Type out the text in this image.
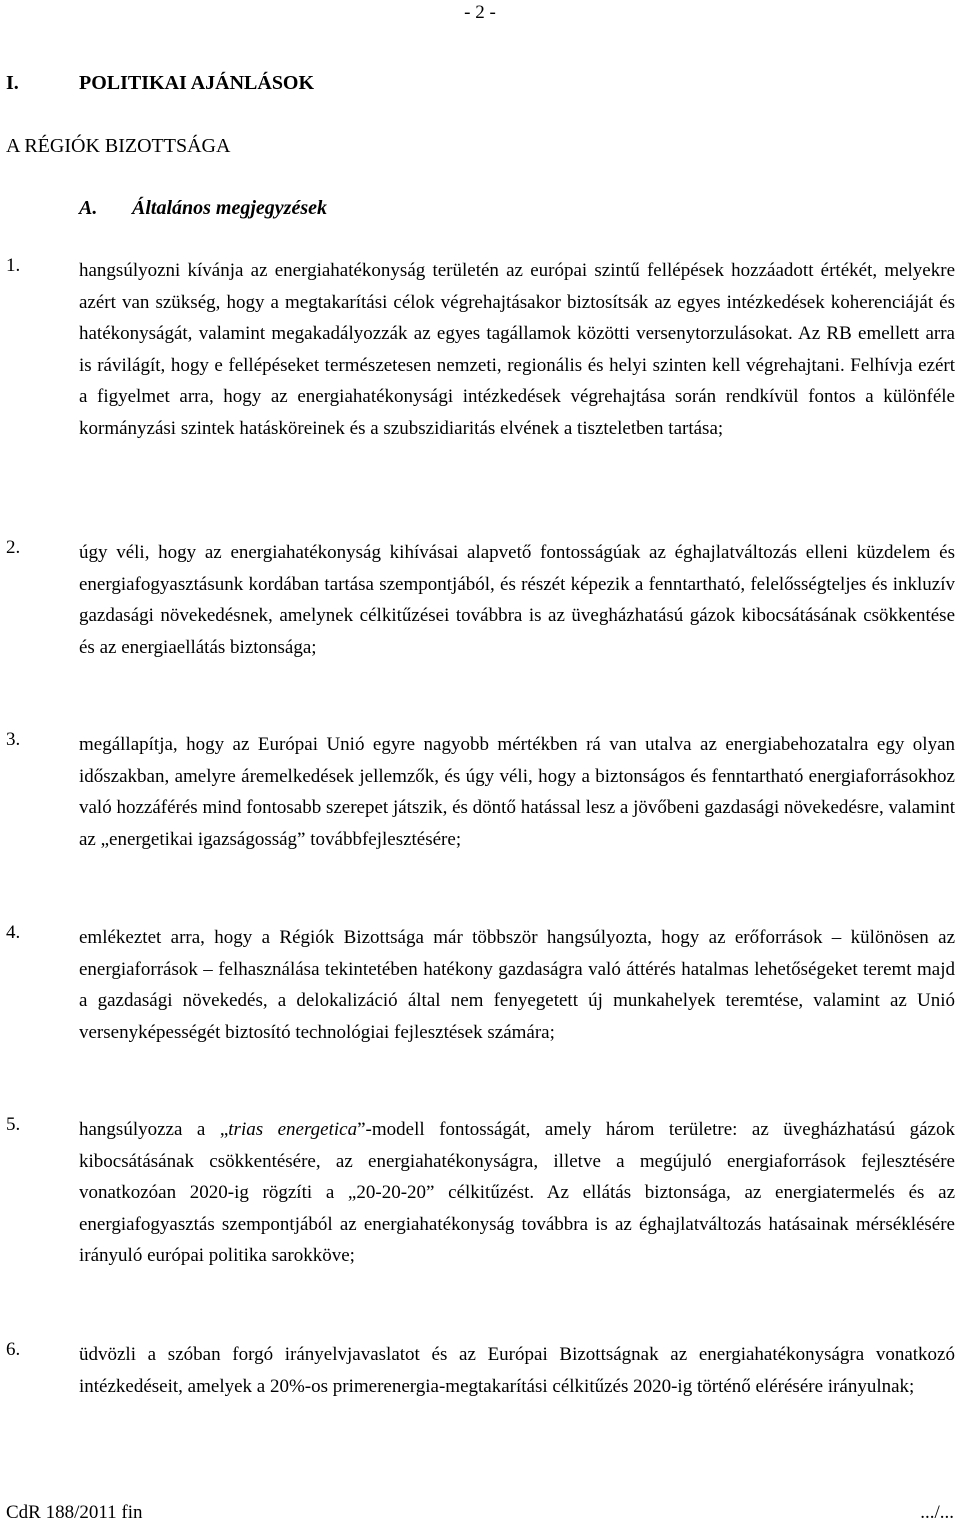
- 2 -
I.	POLITIKAI AJÁNLÁSOK
A RÉGIÓK BIZOTTSÁGA
A. Általános megjegyzések
1.	hangsúlyozni kívánja az energiahatékonyság területén az európai szintű fellépések hozzáadott értékét, melyekre azért van szükség, hogy a megtakarítási célok végrehajtásakor biztosítsák az egyes intézkedések koherenciáját és hatékonyságát, valamint megakadályozzák az egyes tagállamok közötti versenytorzulásokat. Az RB emellett arra is rávilágít, hogy e fellépéseket természetesen nemzeti, regionális és helyi szinten kell végrehajtani. Felhívja ezért a figyelmet arra, hogy az energiahatékonysági intézkedések végrehajtása során rendkívül fontos a különféle kormányzási szintek hatásköreinek és a szubszidiaritás elvének a tiszteletben tartása;
2.	úgy véli, hogy az energiahatékonyság kihívásai alapvető fontosságúak az éghajlatváltozás elleni küzdelem és energiafogyasztásunk kordában tartása szempontjából, és részét képezik a fenntartható, felelősségteljes és inkluzív gazdasági növekedésnek, amelynek célkitűzései továbbra is az üvegházhatású gázok kibocsátásának csökkentése és az energiaellátás biztonsága;
3.	megállapítja, hogy az Európai Unió egyre nagyobb mértékben rá van utalva az energiabehozatalra egy olyan időszakban, amelyre áremelkedések jellemzők, és úgy véli, hogy a biztonságos és fenntartható energiaforrásokhoz való hozzáférés mind fontosabb szerepet játszik, és döntő hatással lesz a jövőbeni gazdasági növekedésre, valamint az „energetikai igazságosság” továbbfejlesztésére;
4.	emlékeztet arra, hogy a Régiók Bizottsága már többször hangsúlyozta, hogy az erőforrások – különösen az energiaforrások – felhasználása tekintetében hatékony gazdaságra való áttérés hatalmas lehetőségeket teremt majd a gazdasági növekedés, a delokalizáció által nem fenyegetett új munkahelyek teremtése, valamint az Unió versenyképességét biztosító technológiai fejlesztések számára;
5.	hangsúlyozza a „trias energetica”-modell fontosságát, amely három területre: az üvegházhatású gázok kibocsátásának csökkentésére, az energiahatékonyságra, illetve a megújuló energiaforrások fejlesztésére vonatkozóan 2020-ig rögzíti a „20-20-20” célkitűzést. Az ellátás biztonsága, az energiatermelés és az energiafogyasztás szempontjából az energiahatékonyság továbbra is az éghajlatváltozás hatásainak mérséklésére irányuló európai politika sarokköve;
6.	üdvözli a szóban forgó irányelvjavaslatot és az Európai Bizottságnak az energiahatékonyságra vonatkozó intézkedéseit, amelyek a 20%-os primerenergia-megtakarítási célkitűzés 2020-ig történő elérésére irányulnak;
CdR 188/2011 fin	.../...
